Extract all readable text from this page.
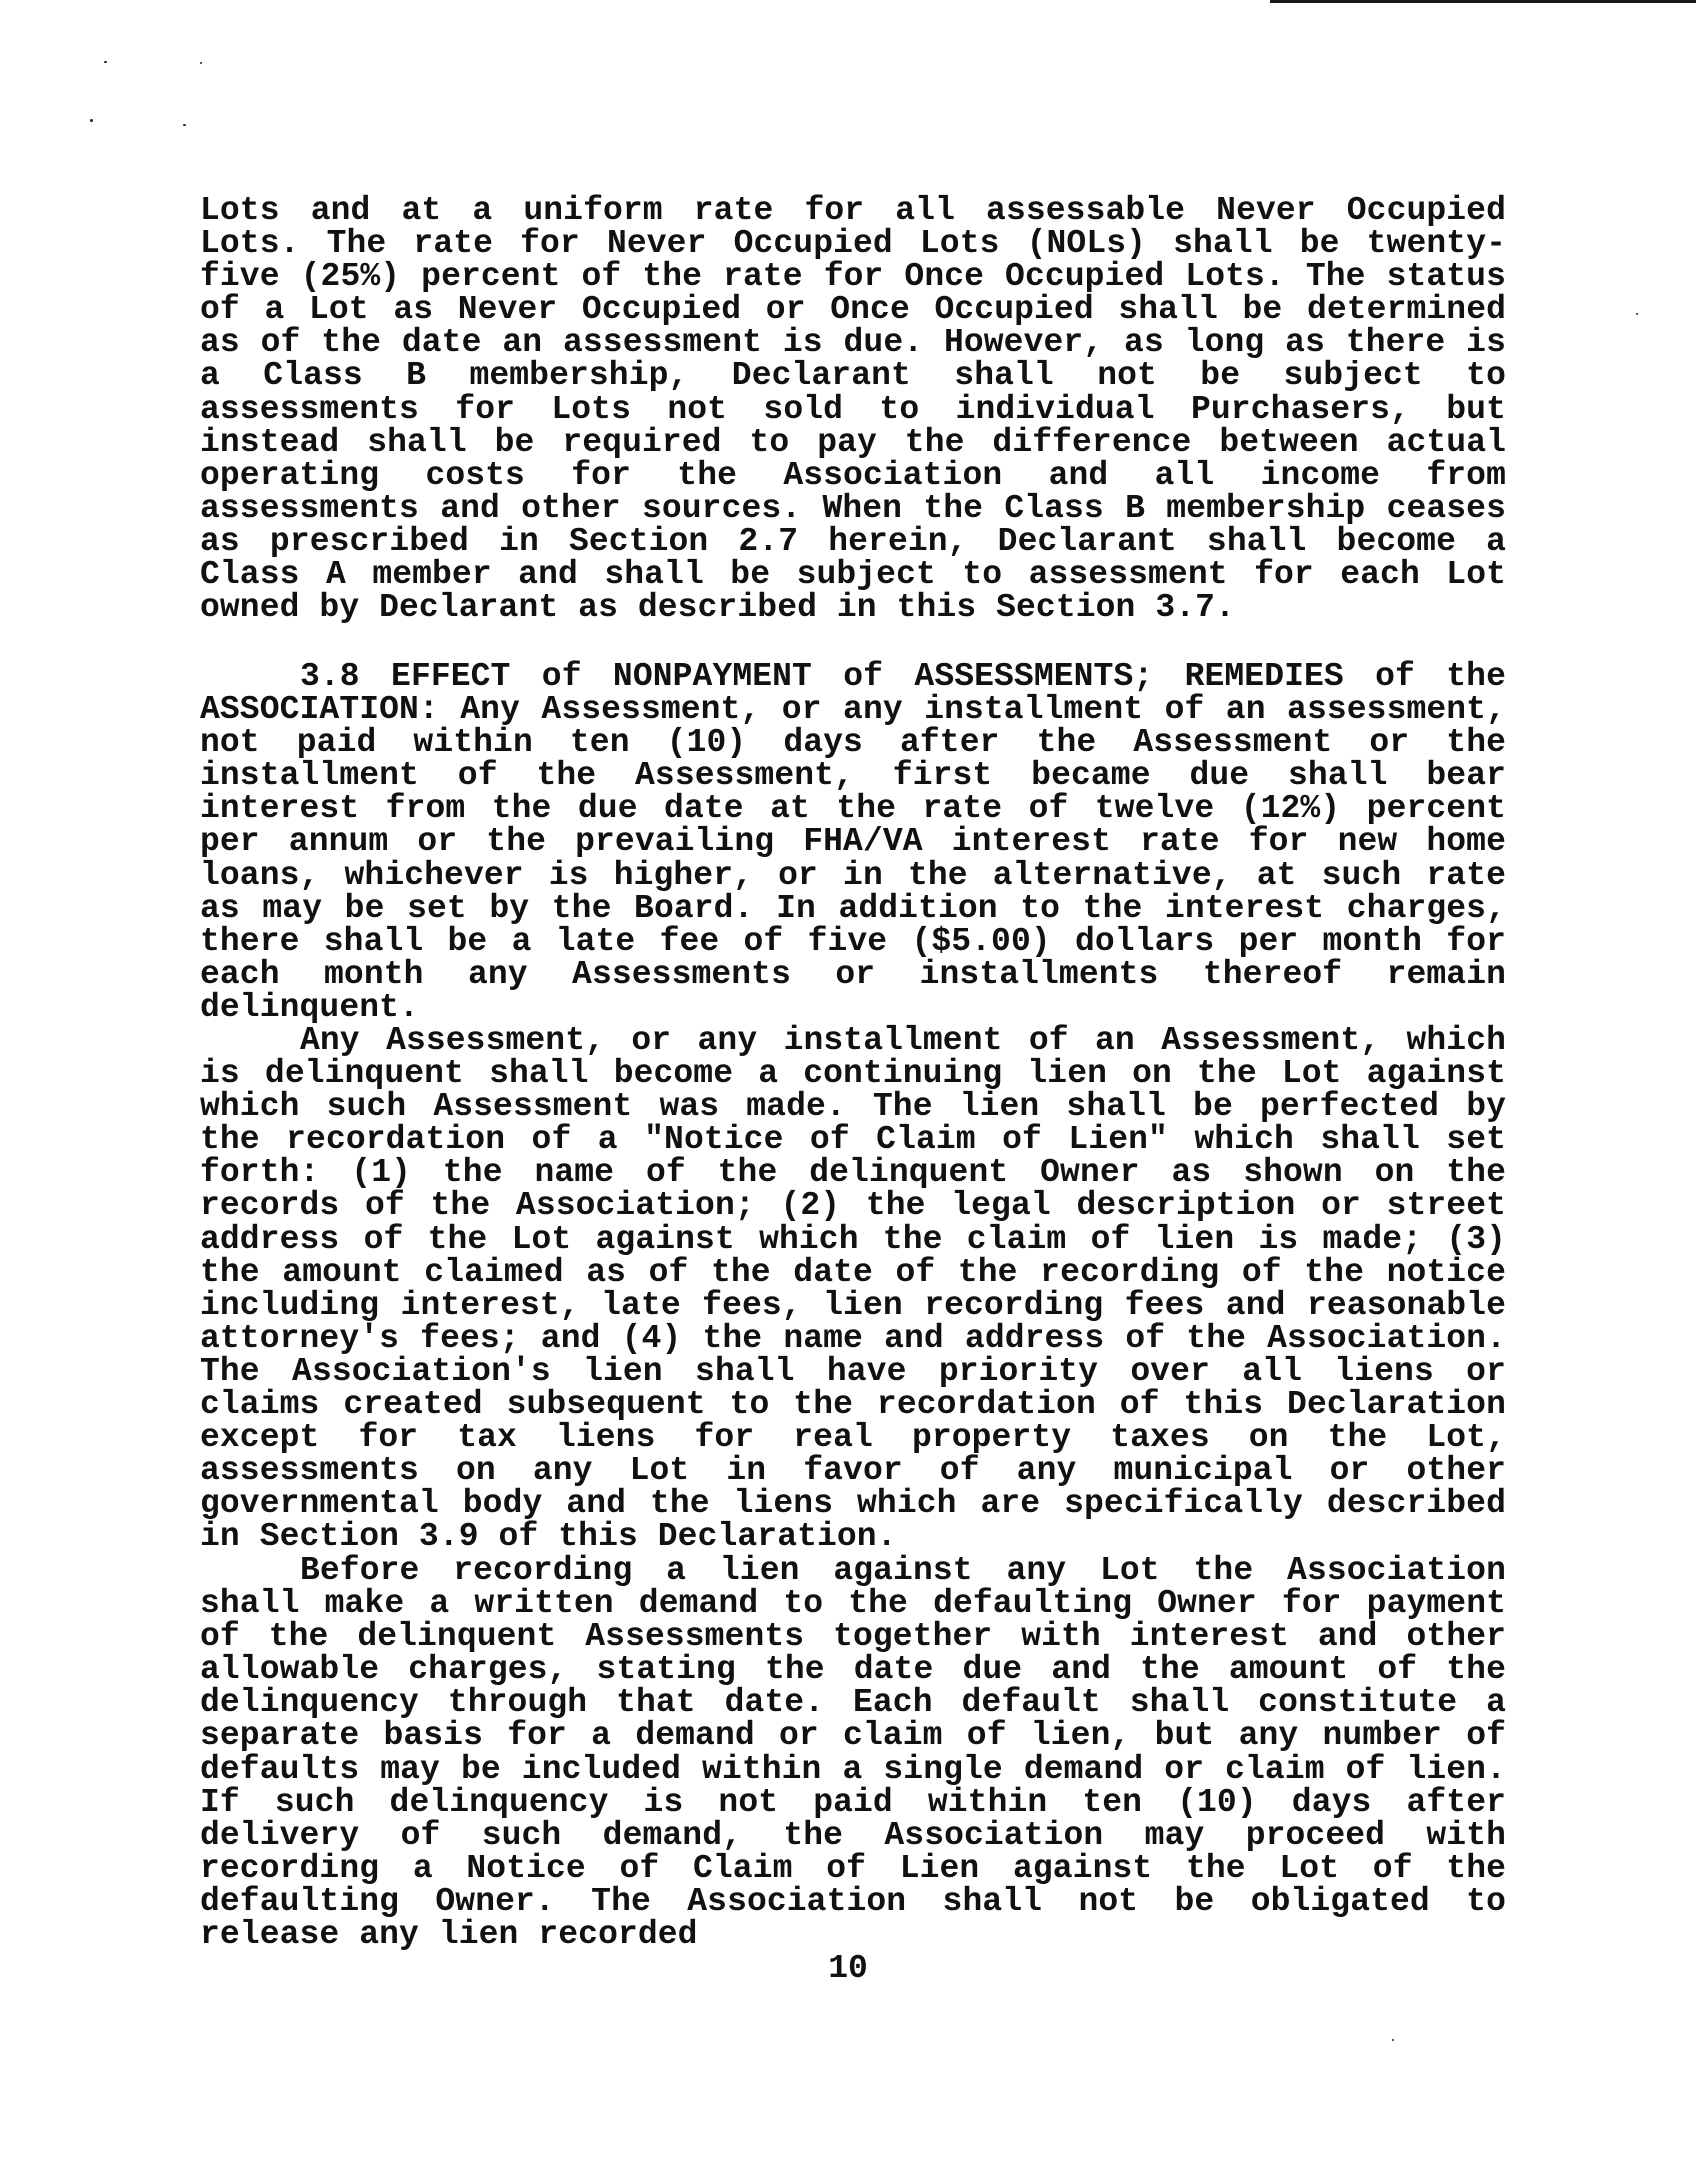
Lots and at a uniform rate for all assessable Never Occupied Lots. The rate for Never Occupied Lots (NOLs) shall be twenty-five (25%) percent of the rate for Once Occupied Lots. The status of a Lot as Never Occupied or Once Occupied shall be determined as of the date an assessment is due. However, as long as there is a Class B membership, Declarant shall not be subject to assessments for Lots not sold to individual Purchasers, but instead shall be required to pay the difference between actual operating costs for the Association and all income from assessments and other sources. When the Class B membership ceases as prescribed in Section 2.7 herein, Declarant shall become a Class A member and shall be subject to assessment for each Lot owned by Declarant as described in this Section 3.7.
3.8 EFFECT of NONPAYMENT of ASSESSMENTS; REMEDIES of the ASSOCIATION: Any Assessment, or any installment of an assessment, not paid within ten (10) days after the Assessment or the installment of the Assessment, first became due shall bear interest from the due date at the rate of twelve (12%) percent per annum or the prevailing FHA/VA interest rate for new home loans, whichever is higher, or in the alternative, at such rate as may be set by the Board. In addition to the interest charges, there shall be a late fee of five ($5.00) dollars per month for each month any Assessments or installments thereof remain delinquent.
Any Assessment, or any installment of an Assessment, which is delinquent shall become a continuing lien on the Lot against which such Assessment was made. The lien shall be perfected by the recordation of a "Notice of Claim of Lien" which shall set forth: (1) the name of the delinquent Owner as shown on the records of the Association; (2) the legal description or street address of the Lot against which the claim of lien is made; (3) the amount claimed as of the date of the recording of the notice including interest, late fees, lien recording fees and reasonable attorney's fees; and (4) the name and address of the Association. The Association's lien shall have priority over all liens or claims created subsequent to the recordation of this Declaration except for tax liens for real property taxes on the Lot, assessments on any Lot in favor of any municipal or other governmental body and the liens which are specifically described in Section 3.9 of this Declaration.
Before recording a lien against any Lot the Association shall make a written demand to the defaulting Owner for payment of the delinquent Assessments together with interest and other allowable charges, stating the date due and the amount of the delinquency through that date. Each default shall constitute a separate basis for a demand or claim of lien, but any number of defaults may be included within a single demand or claim of lien. If such delinquency is not paid within ten (10) days after delivery of such demand, the Association may proceed with recording a Notice of Claim of Lien against the Lot of the defaulting Owner. The Association shall not be obligated to release any lien recorded
10
